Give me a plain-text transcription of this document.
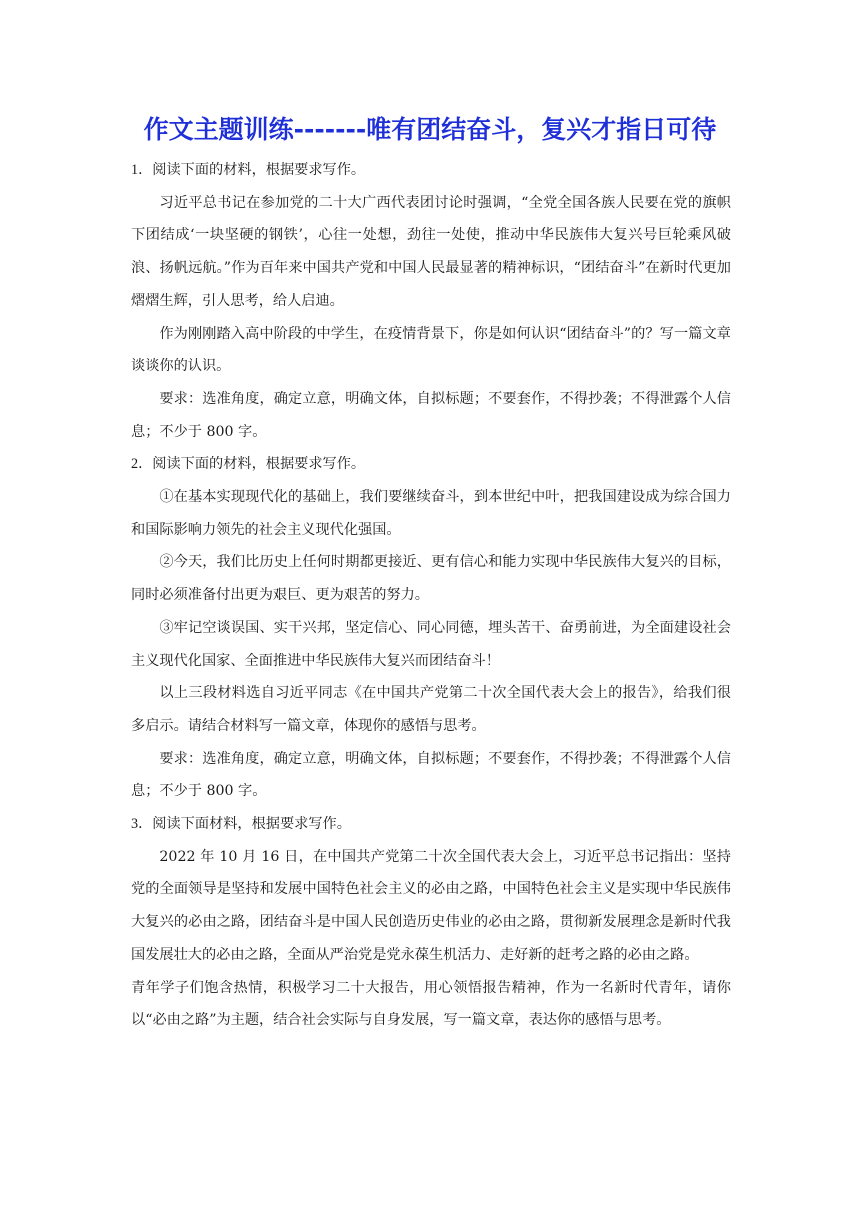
作文主题训练-------唯有团结奋斗，复兴才指日可待

1．阅读下面的材料，根据要求写作。

习近平总书记在参加党的二十大广西代表团讨论时强调，“全党全国各族人民要在党的旗帜下团结成‘一块坚硬的钢铁’，心往一处想，劲往一处使，推动中华民族伟大复兴号巨轮乘风破浪、扬帆远航。”作为百年来中国共产党和中国人民最显著的精神标识，“团结奋斗”在新时代更加熠熠生辉，引人思考，给人启迪。

作为刚刚踏入高中阶段的中学生，在疫情背景下，你是如何认识“团结奋斗”的？写一篇文章谈谈你的认识。

要求：选准角度，确定立意，明确文体，自拟标题；不要套作，不得抄袭；不得泄露个人信息；不少于 800 字。

2．阅读下面的材料，根据要求写作。

①在基本实现现代化的基础上，我们要继续奋斗，到本世纪中叶，把我国建设成为综合国力和国际影响力领先的社会主义现代化强国。

②今天，我们比历史上任何时期都更接近、更有信心和能力实现中华民族伟大复兴的目标，同时必须准备付出更为艰巨、更为艰苦的努力。

③牢记空谈误国、实干兴邦，坚定信心、同心同德，埋头苦干、奋勇前进，为全面建设社会主义现代化国家、全面推进中华民族伟大复兴而团结奋斗！

以上三段材料选自习近平同志《在中国共产党第二十次全国代表大会上的报告》，给我们很多启示。请结合材料写一篇文章，体现你的感悟与思考。

要求：选准角度，确定立意，明确文体，自拟标题；不要套作，不得抄袭；不得泄露个人信息；不少于 800 字。

3．阅读下面材料，根据要求写作。

2022 年 10 月 16 日，在中国共产党第二十次全国代表大会上，习近平总书记指出：坚持党的全面领导是坚持和发展中国特色社会主义的必由之路，中国特色社会主义是实现中华民族伟大复兴的必由之路，团结奋斗是中国人民创造历史伟业的必由之路，贯彻新发展理念是新时代我国发展壮大的必由之路，全面从严治党是党永葆生机活力、走好新的赶考之路的必由之路。

青年学子们饱含热情，积极学习二十大报告，用心领悟报告精神，作为一名新时代青年，请你以“必由之路”为主题，结合社会实际与自身发展，写一篇文章，表达你的感悟与思考。
